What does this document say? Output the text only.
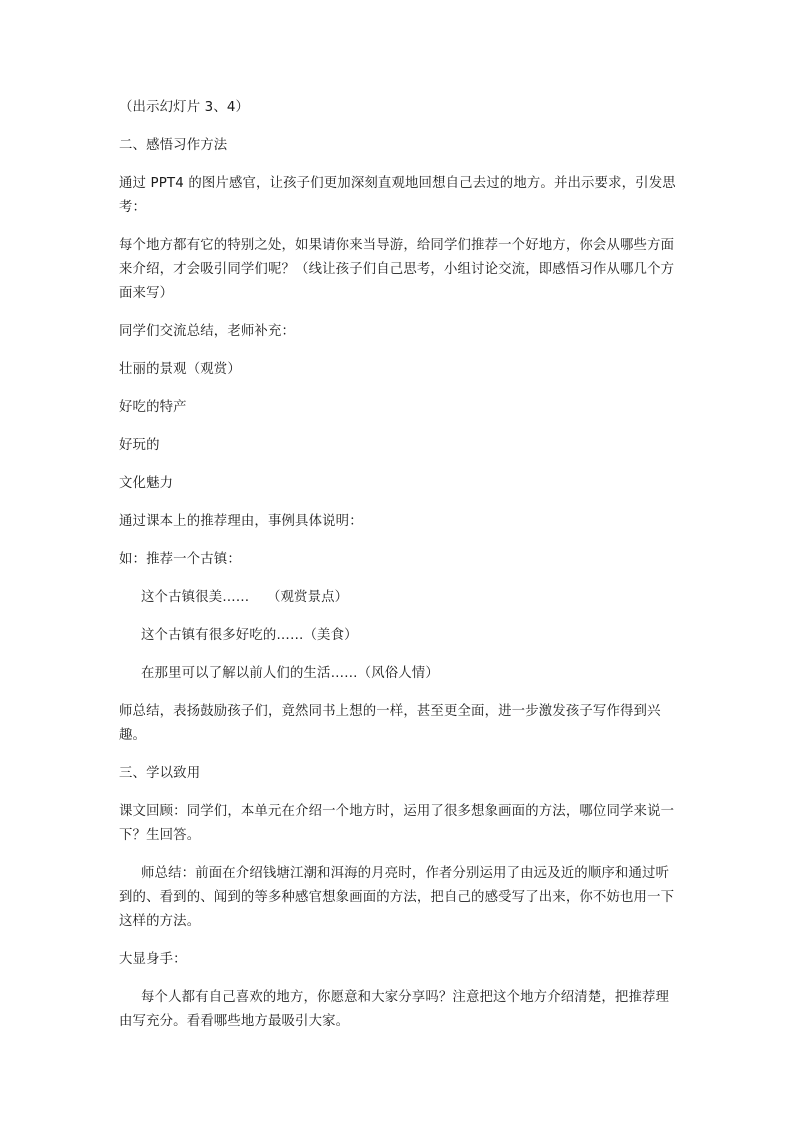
（出示幻灯片 3、4）

二、感悟习作方法

通过 PPT4 的图片感官，让孩子们更加深刻直观地回想自己去过的地方。并出示要求，引发思考：

每个地方都有它的特别之处，如果请你来当导游，给同学们推荐一个好地方，你会从哪些方面来介绍，才会吸引同学们呢？（线让孩子们自己思考，小组讨论交流，即感悟习作从哪几个方面来写）

同学们交流总结，老师补充：

壮丽的景观（观赏）

好吃的特产

好玩的

文化魅力

通过课本上的推荐理由，事例具体说明：

如：推荐一个古镇：

这个古镇很美……    （观赏景点）

这个古镇有很多好吃的……（美食）

在那里可以了解以前人们的生活……（风俗人情）

师总结，表扬鼓励孩子们，竟然同书上想的一样，甚至更全面，进一步激发孩子写作得到兴趣。

三、学以致用

课文回顾：同学们，本单元在介绍一个地方时，运用了很多想象画面的方法，哪位同学来说一下？生回答。

师总结：前面在介绍钱塘江潮和洱海的月亮时，作者分别运用了由远及近的顺序和通过听到的、看到的、闻到的等多种感官想象画面的方法，把自己的感受写了出来，你不妨也用一下这样的方法。

大显身手：

每个人都有自己喜欢的地方，你愿意和大家分享吗？注意把这个地方介绍清楚，把推荐理由写充分。看看哪些地方最吸引大家。
